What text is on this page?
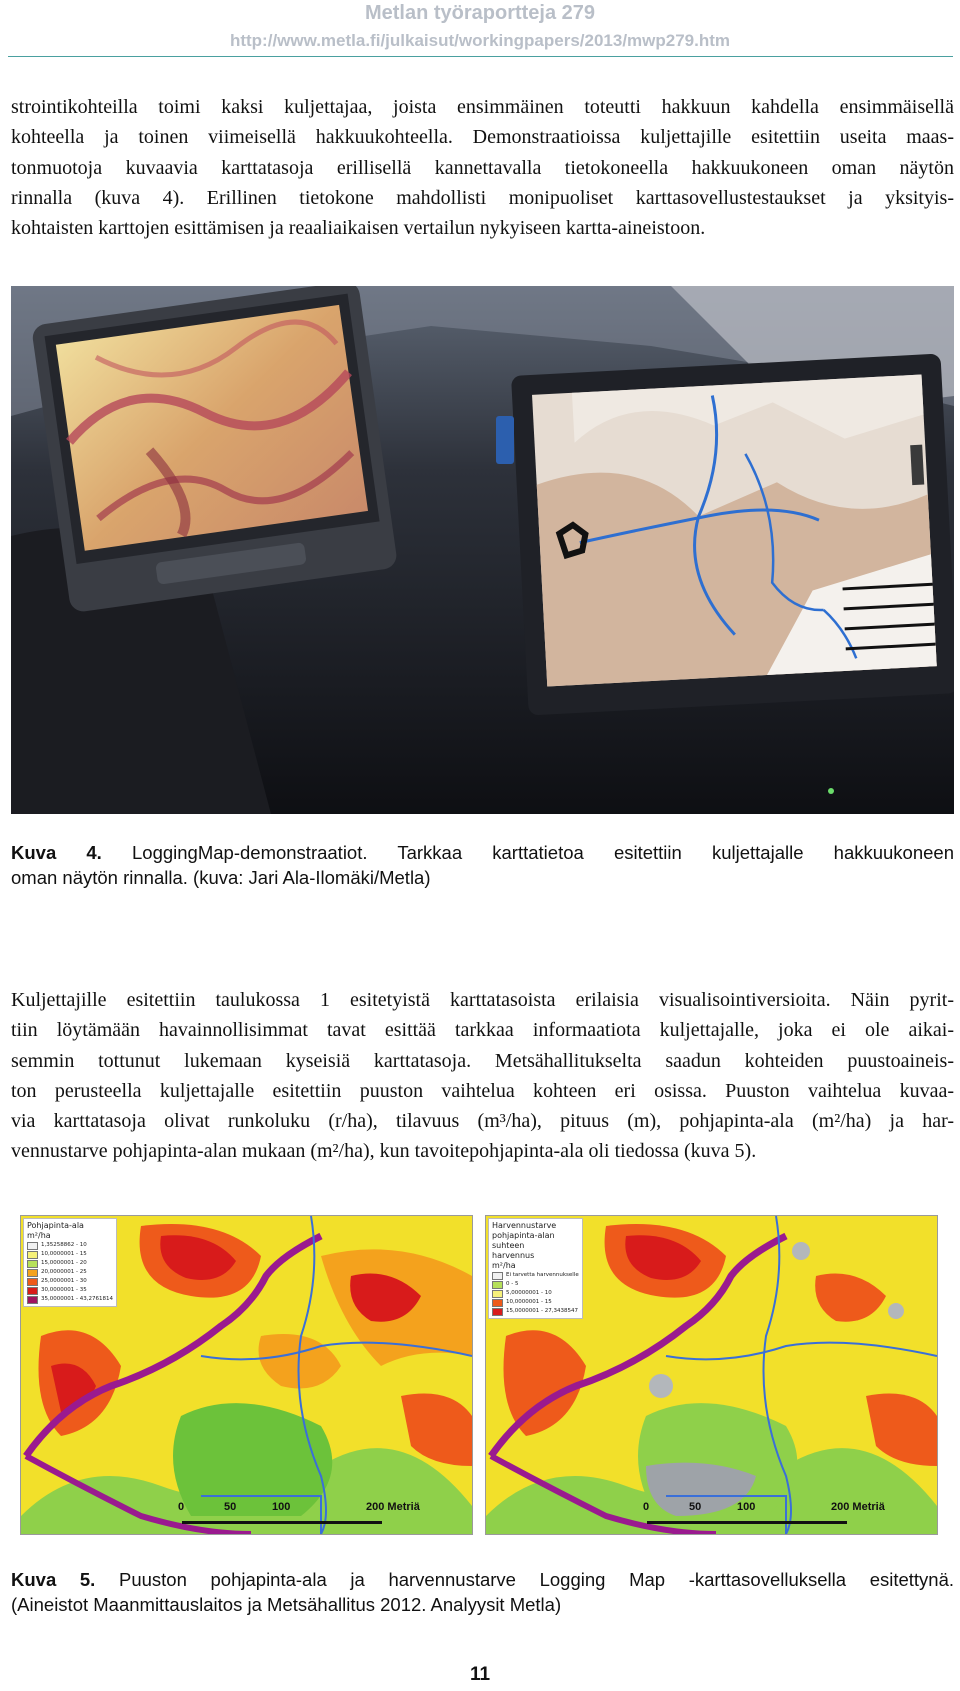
Metlan työraportteja 279
http://www.metla.fi/julkaisut/workingpapers/2013/mwp279.htm
strointikohteilla toimi kaksi kuljettajaa, joista ensimmäinen toteutti hakkuun kahdella ensimmäisellä
kohteella ja toinen viimeisellä hakkuukohteella. Demonstraatioissa kuljettajille esitettiin useita maas-
tonmuotoja kuvaavia karttatasoja erillisellä kannettavalla tietokoneella hakkuukoneen oman näytön
rinnalla (kuva 4). Erillinen tietokone mahdollisti monipuoliset karttasovellustestaukset ja yksityis-
kohtaisten karttojen esittämisen ja reaaliaikaisen vertailun nykyiseen kartta-aineistoon.
Kuva 4. LoggingMap-demonstraatiot. Tarkkaa karttatietoa esitettiin kuljettajalle hakkuukoneen
oman näytön rinnalla. (kuva: Jari Ala-Ilomäki/Metla)
Kuljettajille esitettiin taulukossa 1 esitetyistä karttatasoista erilaisia visualisointiversioita. Näin pyrit-
tiin löytämään havainnollisimmat tavat esittää tarkkaa informaatiota kuljettajalle, joka ei ole aikai-
semmin tottunut lukemaan kyseisiä karttatasoja. Metsähallitukselta saadun kohteiden puustoaineis-
ton perusteella kuljettajalle esitettiin puuston vaihtelua kohteen eri osissa. Puuston vaihtelua kuvaa-
via karttatasoja olivat runkoluku (r/ha), tilavuus (m³/ha), pituus (m), pohjapinta-ala (m²/ha) ja har-
vennustarve pohjapinta-alan mukaan (m²/ha), kun tavoitepohjapinta-ala oli tiedossa (kuva 5).
Pohjapinta-ala
m²/ha
1,35258862 - 10
10,0000001 - 15
15,0000001 - 20
20,0000001 - 25
25,0000001 - 30
30,0000001 - 35
35,0000001 - 43,2761814
0	50	100	200 Metriä
Harvennustarve pohjapinta-alan suhteen
harvennus
m²/ha
Ei tarvetta harvennukselle
0 - 5
5,00000001 - 10
10,0000001 - 15
15,0000001 - 27,3438547
0	50	100	200 Metriä
Kuva 5. Puuston pohjapinta-ala ja harvennustarve Logging Map -karttasovelluksella esitettynä.
(Aineistot Maanmittauslaitos ja Metsähallitus 2012. Analyysit Metla)
11
